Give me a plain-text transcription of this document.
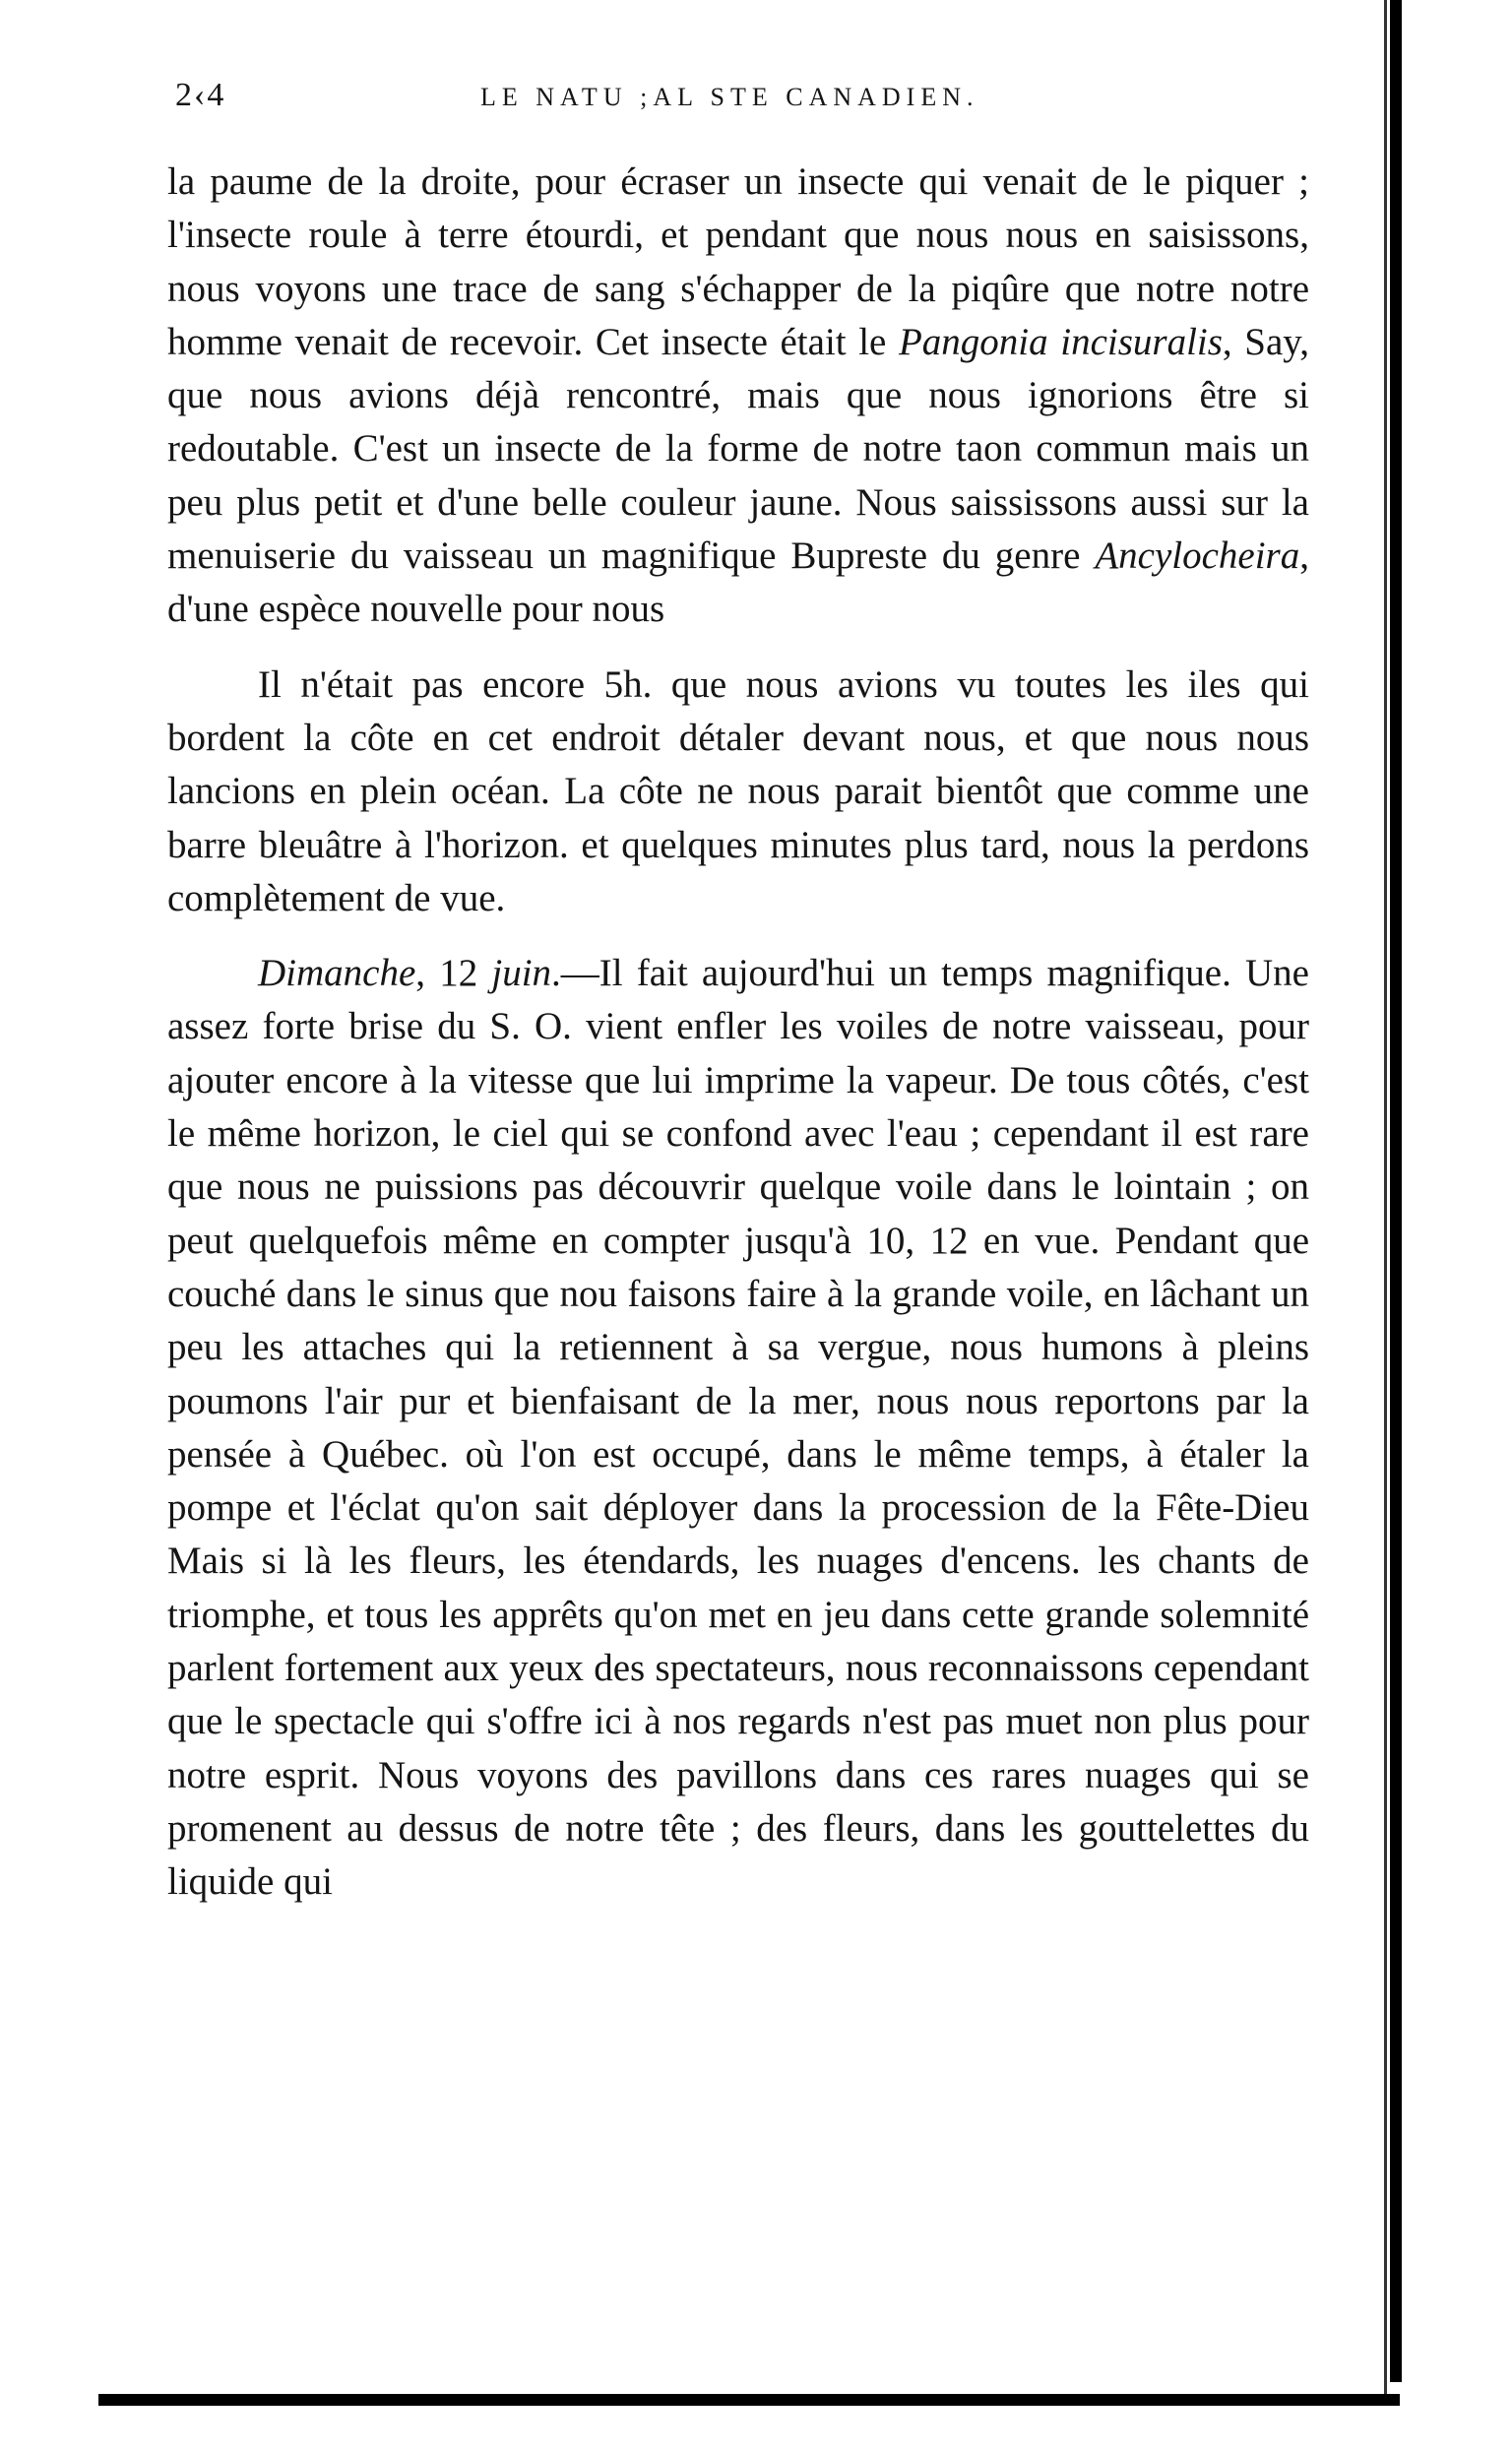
2‹4	LE NATU ;AL STE CANADIEN.

la paume de la droite, pour écraser un insecte qui venait de le piquer ; l'insecte roule à terre étourdi, et pendant que nous nous en saisissons, nous voyons une trace de sang s'échapper de la piqûre que notre notre homme venait de recevoir. Cet insecte était le Pangonia incisuralis, Say, que nous avions déjà rencontré, mais que nous ignorions être si redoutable. C'est un insecte de la forme de notre taon commun mais un peu plus petit et d'une belle couleur jaune. Nous saississons aussi sur la menuiserie du vaisseau un magnifique Bupreste du genre Ancylocheira, d'une espèce nouvelle pour nous

Il n'était pas encore 5h. que nous avions vu toutes les iles qui bordent la côte en cet endroit détaler devant nous, et que nous nous lancions en plein océan. La côte ne nous parait bientôt que comme une barre bleuâtre à l'horizon. et quelques minutes plus tard, nous la perdons complètement de vue.

Dimanche, 12 juin.—Il fait aujourd'hui un temps magnifique. Une assez forte brise du S. O. vient enfler les voiles de notre vaisseau, pour ajouter encore à la vitesse que lui imprime la vapeur. De tous côtés, c'est le même horizon, le ciel qui se confond avec l'eau ; cependant il est rare que nous ne puissions pas découvrir quelque voile dans le lointain ; on peut quelquefois même en compter jusqu'à 10, 12 en vue. Pendant que couché dans le sinus que nou faisons faire à la grande voile, en lâchant un peu les attaches qui la retiennent à sa vergue, nous humons à pleins poumons l'air pur et bienfaisant de la mer, nous nous reportons par la pensée à Québec. où l'on est occupé, dans le même temps, à étaler la pompe et l'éclat qu'on sait déployer dans la procession de la Fête-Dieu Mais si là les fleurs, les étendards, les nuages d'encens. les chants de triomphe, et tous les apprêts qu'on met en jeu dans cette grande solemnité parlent fortement aux yeux des spectateurs, nous reconnaissons cependant que le spectacle qui s'offre ici à nos regards n'est pas muet non plus pour notre esprit. Nous voyons des pavillons dans ces rares nuages qui se promenent au dessus de notre tête ; des fleurs, dans les gouttelettes du liquide qui
